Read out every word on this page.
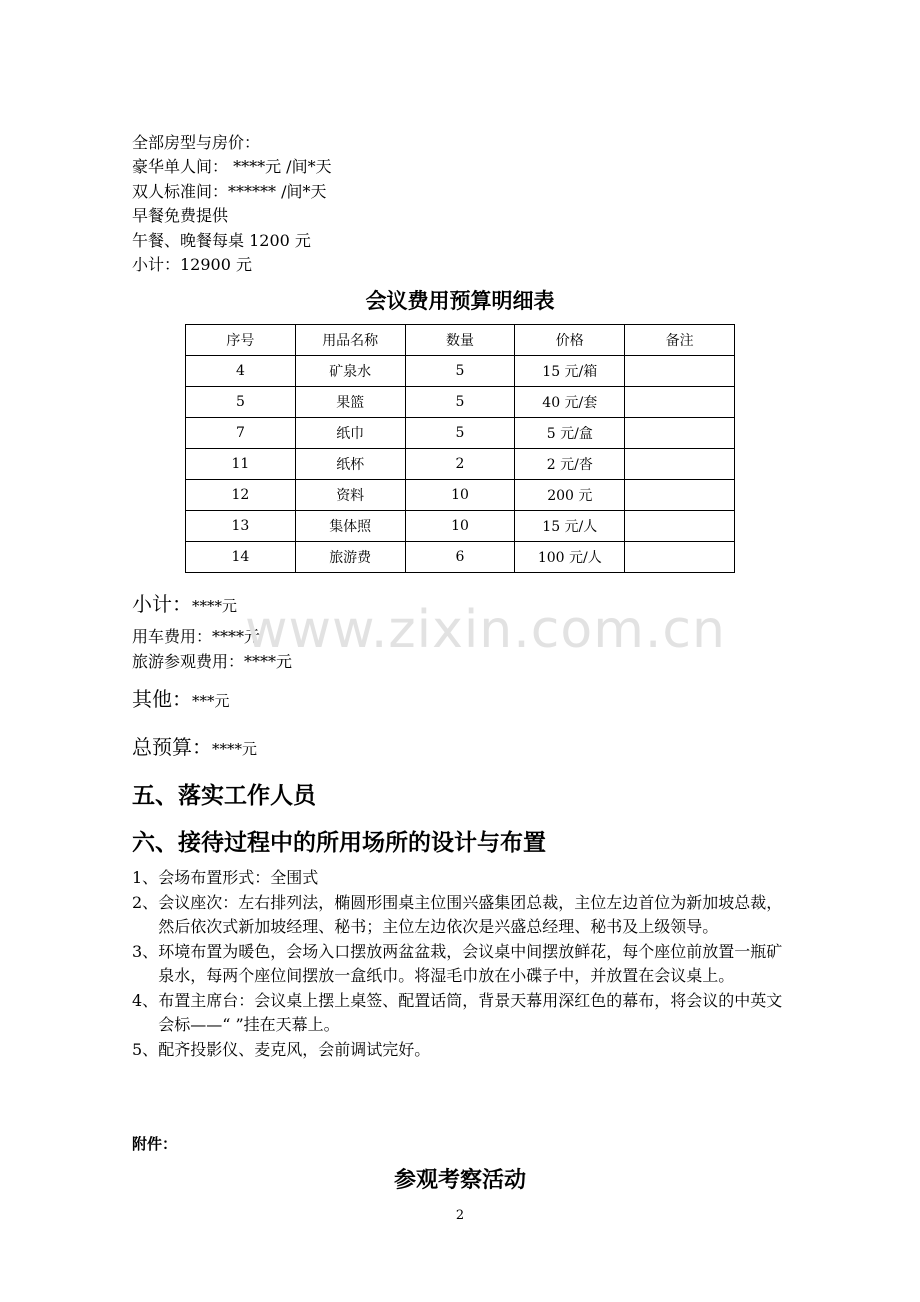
全部房型与房价：
豪华单人间： ****元 /间*天
双人标准间：****** /间*天
早餐免费提供
午餐、晚餐每桌 1200 元
小计：12900 元
会议费用预算明细表
序号	用品名称	数量	价格	备注
4	矿泉水	5	15 元/箱	
5	果篮	5	40 元/套	
7	纸巾	5	5 元/盒	
11	纸杯	2	2 元/沓	
12	资料	10	200 元	
13	集体照	10	15 元/人	
14	旅游费	6	100 元/人	
小计：****元
用车费用：****元
旅游参观费用：****元
其他：***元
总预算：****元
五、落实工作人员
六、接待过程中的所用场所的设计与布置
1、 会场布置形式：全围式
2、 会议座次：左右排列法，椭圆形围桌主位围兴盛集团总裁，主位左边首位为新加坡总裁，然后依次式新加坡经理、秘书；主位左边依次是兴盛总经理、秘书及上级领导。
3、 环境布置为暖色，会场入口摆放两盆盆栽，会议桌中间摆放鲜花，每个座位前放置一瓶矿泉水，每两个座位间摆放一盒纸巾。将湿毛巾放在小碟子中，并放置在会议桌上。
4、 布置主席台：会议桌上摆上桌签、配置话筒，背景天幕用深红色的幕布，将会议的中英文会标——“ ”挂在天幕上。
5、 配齐投影仪、麦克风，会前调试完好。
附件：
参观考察活动
2
www.zixin.com.cn
